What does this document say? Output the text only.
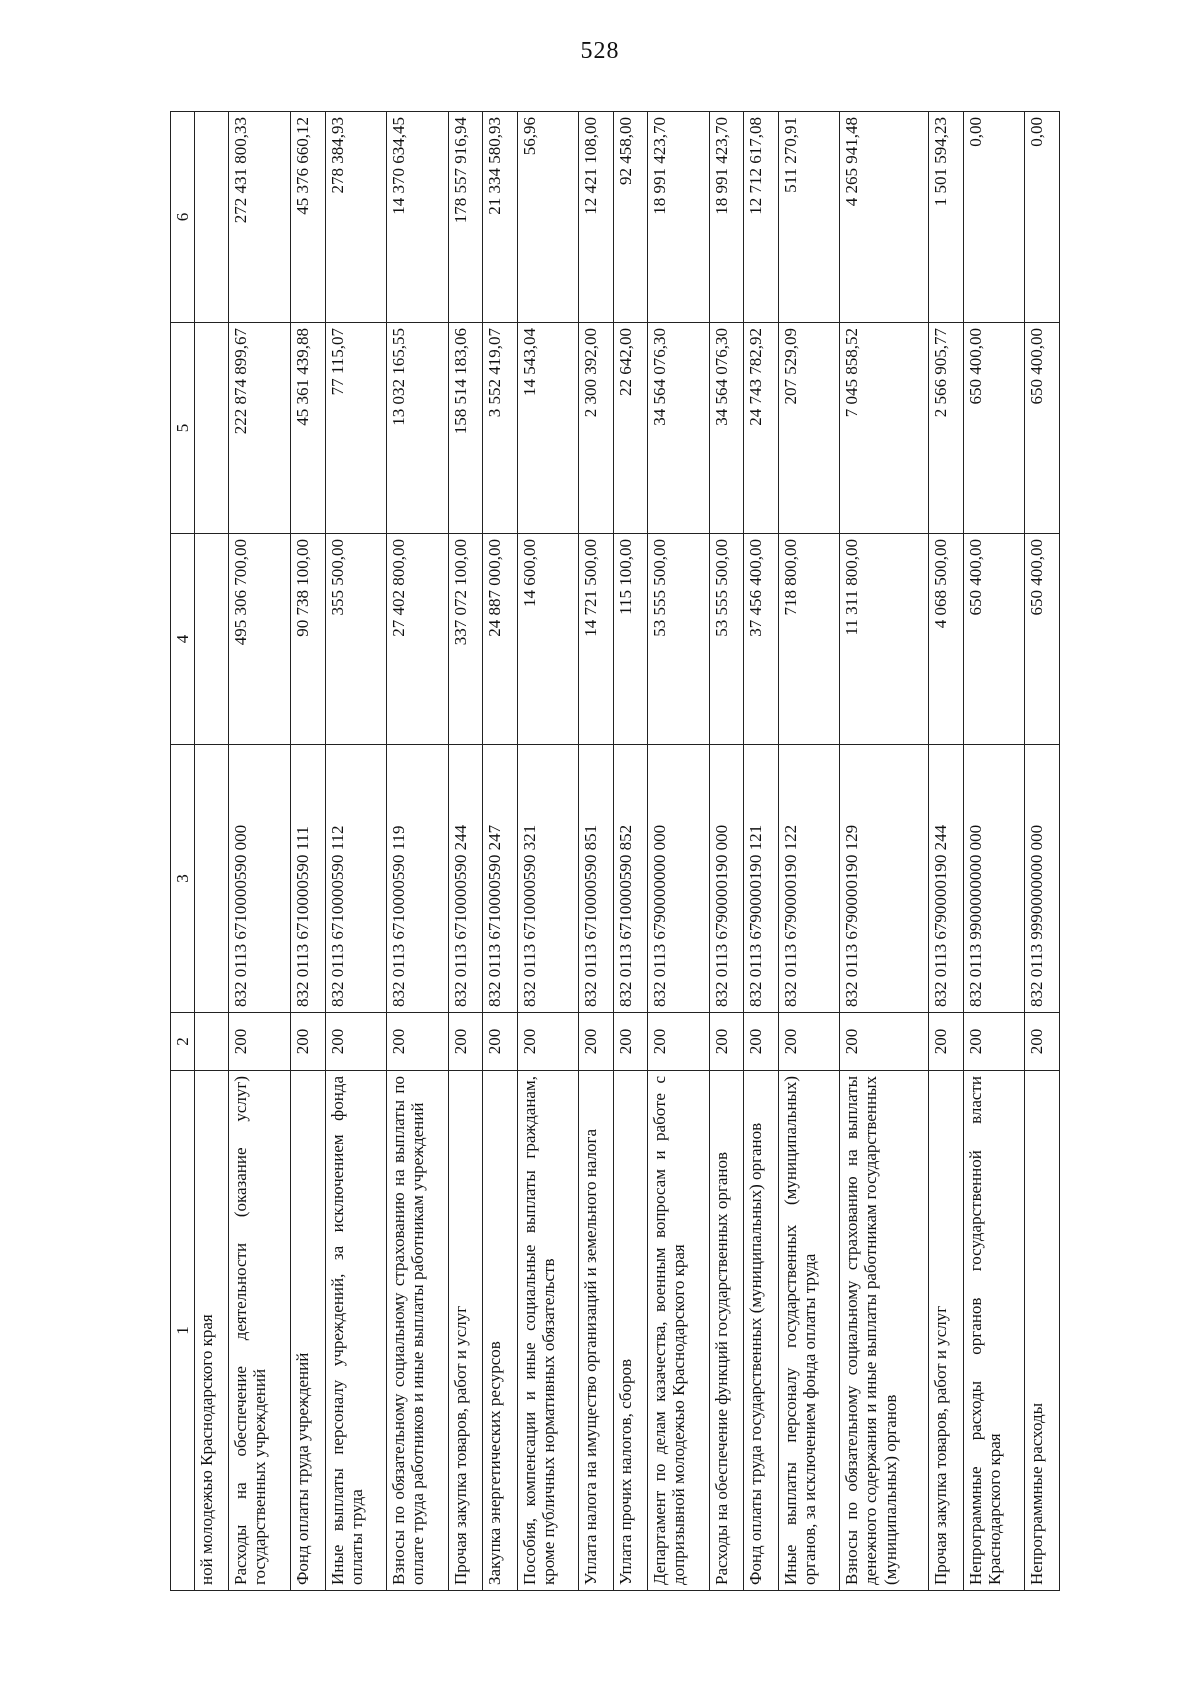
528
1	2	3	4	5	6
ной молодежью Краснодарского края					
Расходы на обеспечение деятельности (оказание услуг) государственных учреждений	200	832 0113 6710000590 000	495 306 700,00	222 874 899,67	272 431 800,33
Фонд оплаты труда учреждений	200	832 0113 6710000590 111	90 738 100,00	45 361 439,88	45 376 660,12
Иные выплаты персоналу учреждений, за исключением фонда оплаты труда	200	832 0113 6710000590 112	355 500,00	77 115,07	278 384,93
Взносы по обязательному социальному страхованию на выплаты по оплате труда работников и иные выплаты работникам учреждений	200	832 0113 6710000590 119	27 402 800,00	13 032 165,55	14 370 634,45
Прочая закупка товаров, работ и услуг	200	832 0113 6710000590 244	337 072 100,00	158 514 183,06	178 557 916,94
Закупка энергетических ресурсов	200	832 0113 6710000590 247	24 887 000,00	3 552 419,07	21 334 580,93
Пособия, компенсации и иные социальные выплаты гражданам, кроме публичных нормативных обязательств	200	832 0113 6710000590 321	14 600,00	14 543,04	56,96
Уплата налога на имущество организаций и земельного налога	200	832 0113 6710000590 851	14 721 500,00	2 300 392,00	12 421 108,00
Уплата прочих налогов, сборов	200	832 0113 6710000590 852	115 100,00	22 642,00	92 458,00
Департамент по делам казачества, военным вопросам и работе с допризывной молодежью Краснодарского края	200	832 0113 6790000000 000	53 555 500,00	34 564 076,30	18 991 423,70
Расходы на обеспечение функций государственных органов	200	832 0113 6790000190 000	53 555 500,00	34 564 076,30	18 991 423,70
Фонд оплаты труда государственных (муниципальных) органов	200	832 0113 6790000190 121	37 456 400,00	24 743 782,92	12 712 617,08
Иные выплаты персоналу государственных (муниципальных) органов, за исключением фонда оплаты труда	200	832 0113 6790000190 122	718 800,00	207 529,09	511 270,91
Взносы по обязательному социальному страхованию на выплаты денежного содержания и иные выплаты работникам государственных (муниципальных) органов	200	832 0113 6790000190 129	11 311 800,00	7 045 858,52	4 265 941,48
Прочая закупка товаров, работ и услуг	200	832 0113 6790000190 244	4 068 500,00	2 566 905,77	1 501 594,23
Непрограммные расходы органов государственной власти Краснодарского края	200	832 0113 9900000000 000	650 400,00	650 400,00	0,00
Непрограммные расходы	200	832 0113 9990000000 000	650 400,00	650 400,00	0,00
